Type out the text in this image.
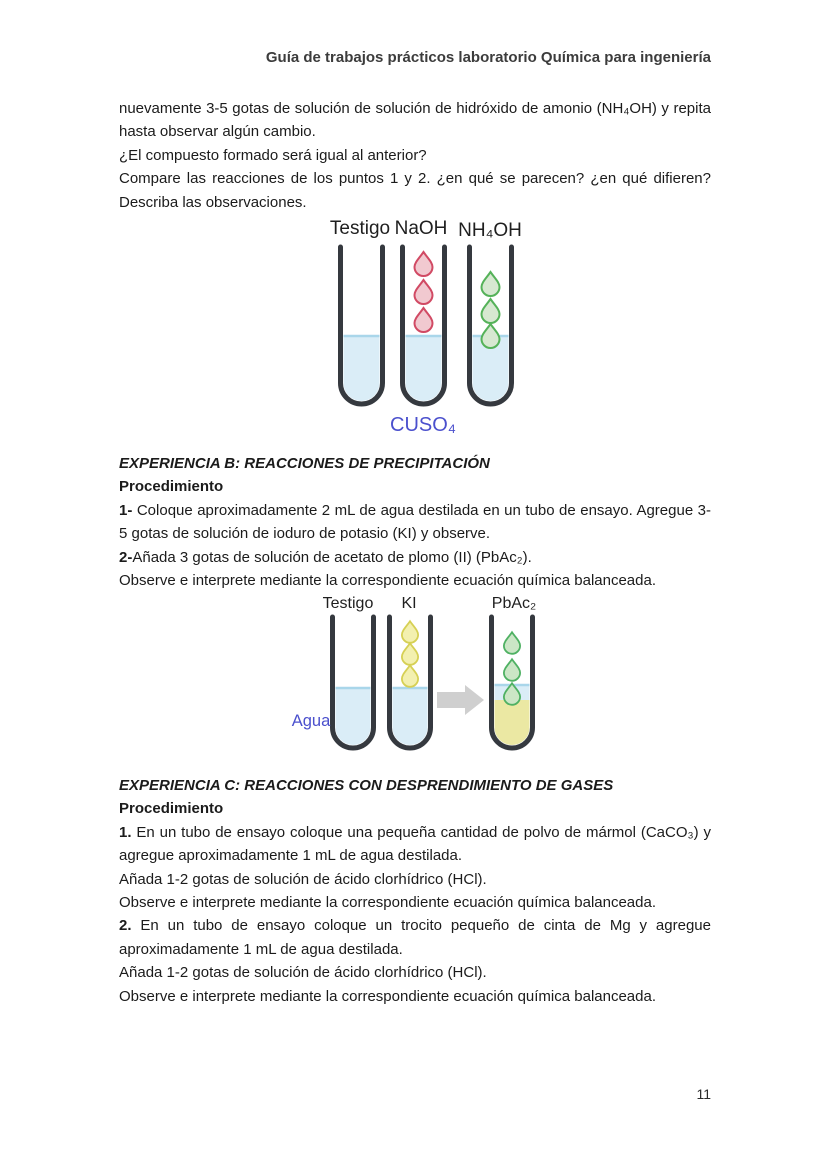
Guía de trabajos prácticos laboratorio Química para ingeniería
nuevamente 3-5 gotas de solución de solución de hidróxido de amonio (NH₄OH) y repita hasta observar algún cambio.
¿El compuesto formado será igual al anterior?
Compare las reacciones de los puntos 1 y 2. ¿en qué se parecen? ¿en qué difieren? Describa las observaciones.
Testigo NaOH NH₄OH
CUSO₄
EXPERIENCIA B: REACCIONES DE PRECIPITACIÓN
Procedimiento
1- Coloque aproximadamente 2 mL de agua destilada en un tubo de ensayo. Agregue 3-5 gotas de solución de ioduro de potasio (KI) y observe.
2-Añada 3 gotas de solución de acetato de plomo (II) (PbAc₂).
Observe e interprete mediante la correspondiente ecuación química balanceada.
Testigo KI	PbAc₂
Agua
EXPERIENCIA C: REACCIONES CON DESPRENDIMIENTO DE GASES
Procedimiento
1. En un tubo de ensayo coloque una pequeña cantidad de polvo de mármol (CaCO₃) y agregue aproximadamente 1 mL de agua destilada.
Añada 1-2 gotas de solución de ácido clorhídrico (HCl).
Observe e interprete mediante la correspondiente ecuación química balanceada.
2. En un tubo de ensayo coloque un trocito pequeño de cinta de Mg y agregue aproximadamente 1 mL de agua destilada.
Añada 1-2 gotas de solución de ácido clorhídrico (HCl).
Observe e interprete mediante la correspondiente ecuación química balanceada.
11
